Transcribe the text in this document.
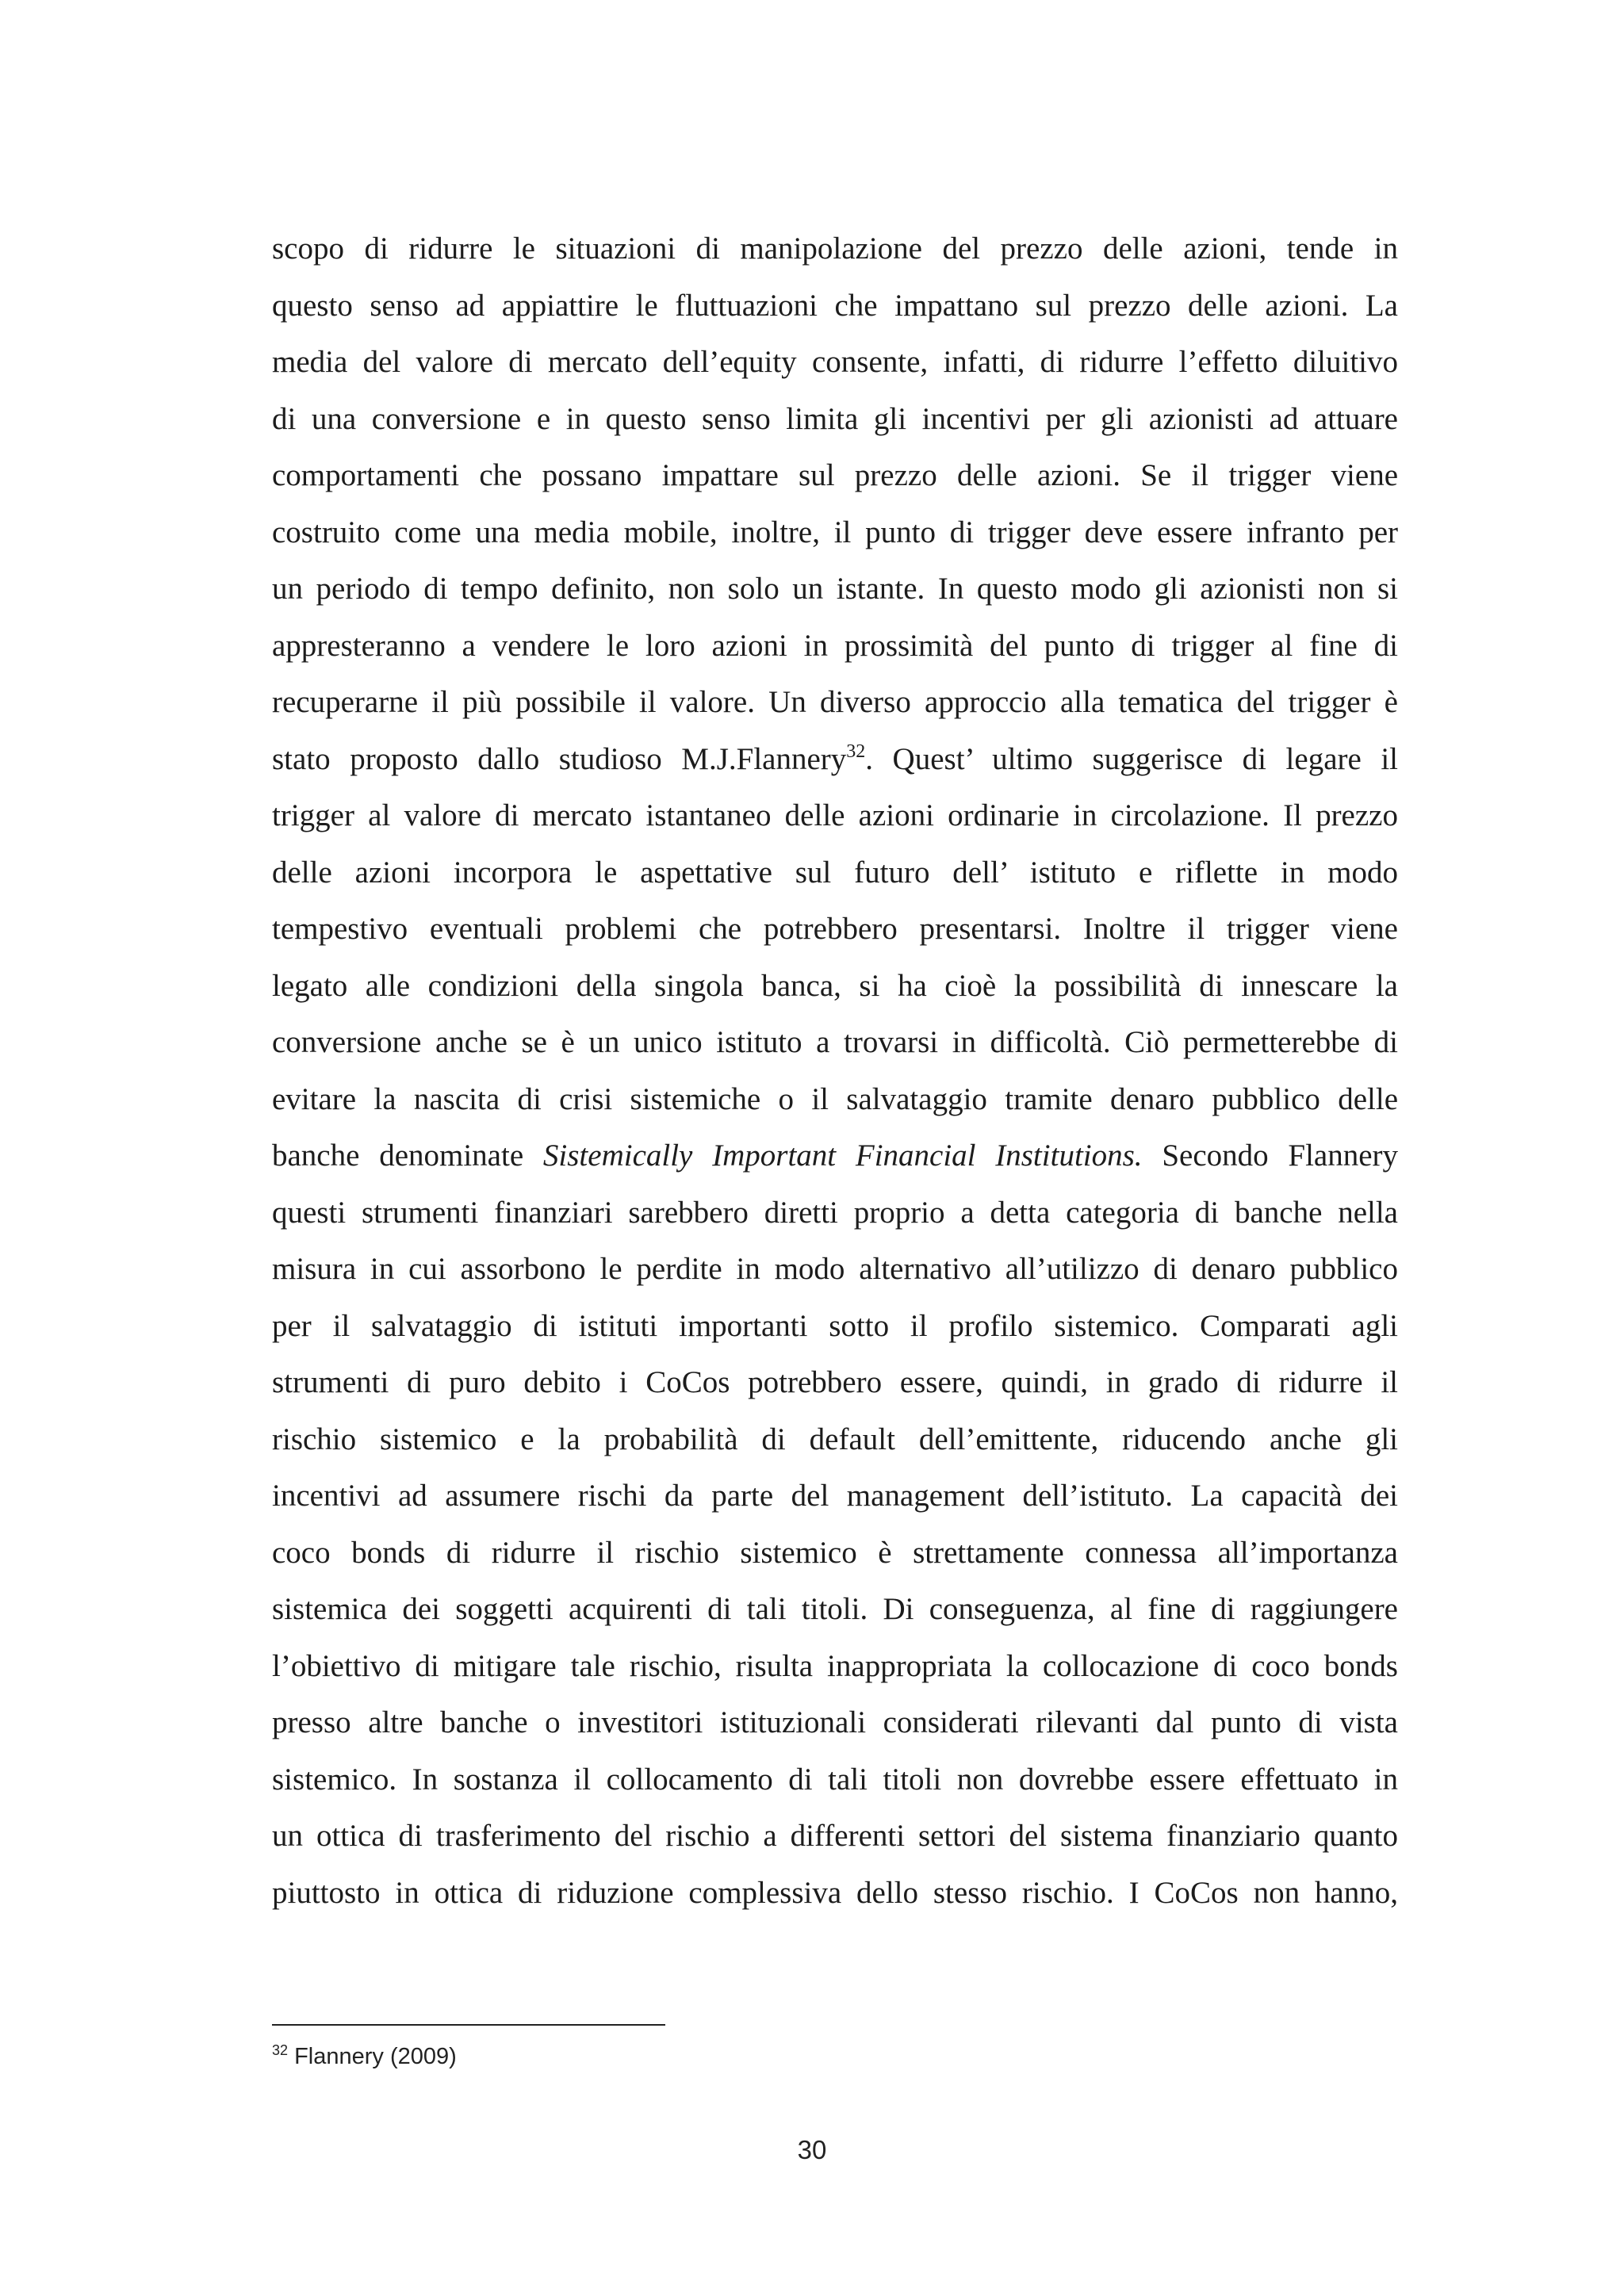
scopo di ridurre le situazioni di manipolazione del prezzo delle azioni, tende in
questo senso ad appiattire le fluttuazioni che impattano sul prezzo delle azioni. La
media del valore di mercato dell’equity consente, infatti, di ridurre l’effetto diluitivo
di una conversione e in questo senso limita gli incentivi per gli azionisti ad attuare
comportamenti che possano impattare sul prezzo delle azioni. Se il trigger viene
costruito come una media mobile, inoltre, il punto di trigger deve essere infranto per
un periodo di tempo definito, non solo un istante. In questo modo gli azionisti non si
appresteranno a vendere le loro azioni in prossimità del punto di trigger al fine di
recuperarne il più possibile il valore. Un diverso approccio alla tematica del trigger è
stato proposto dallo studioso M.J.Flannery$^{32}$. Quest’ ultimo suggerisce di legare il
trigger al valore di mercato istantaneo delle azioni ordinarie in circolazione. Il prezzo
delle azioni incorpora le aspettative sul futuro dell’ istituto e riflette in modo
tempestivo eventuali problemi che potrebbero presentarsi. Inoltre il trigger viene
legato alle condizioni della singola banca, si ha cioè la possibilità di innescare la
conversione anche se è un unico istituto a trovarsi in difficoltà. Ciò permetterebbe di
evitare la nascita di crisi sistemiche o il salvataggio tramite denaro pubblico delle
banche denominate Sistemically Important Financial Institutions. Secondo Flannery
questi strumenti finanziari sarebbero diretti proprio a detta categoria di banche nella
misura in cui assorbono le perdite in modo alternativo all’utilizzo di denaro pubblico
per il salvataggio di istituti importanti sotto il profilo sistemico. Comparati agli
strumenti di puro debito i CoCos potrebbero essere, quindi, in grado di ridurre il
rischio sistemico e la probabilità di default dell’emittente, riducendo anche gli
incentivi ad assumere rischi da parte del management dell’istituto. La capacità dei
coco bonds di ridurre il rischio sistemico è strettamente connessa all’importanza
sistemica dei soggetti acquirenti di tali titoli. Di conseguenza, al fine di raggiungere
l’obiettivo di mitigare tale rischio, risulta inappropriata la collocazione di coco bonds
presso altre banche o investitori istituzionali considerati rilevanti dal punto di vista
sistemico. In sostanza il collocamento di tali titoli non dovrebbe essere effettuato in
un ottica di trasferimento del rischio a differenti settori del sistema finanziario quanto
piuttosto in ottica di riduzione complessiva dello stesso rischio. I CoCos non hanno,
$^{32}$ Flannery (2009)
30
